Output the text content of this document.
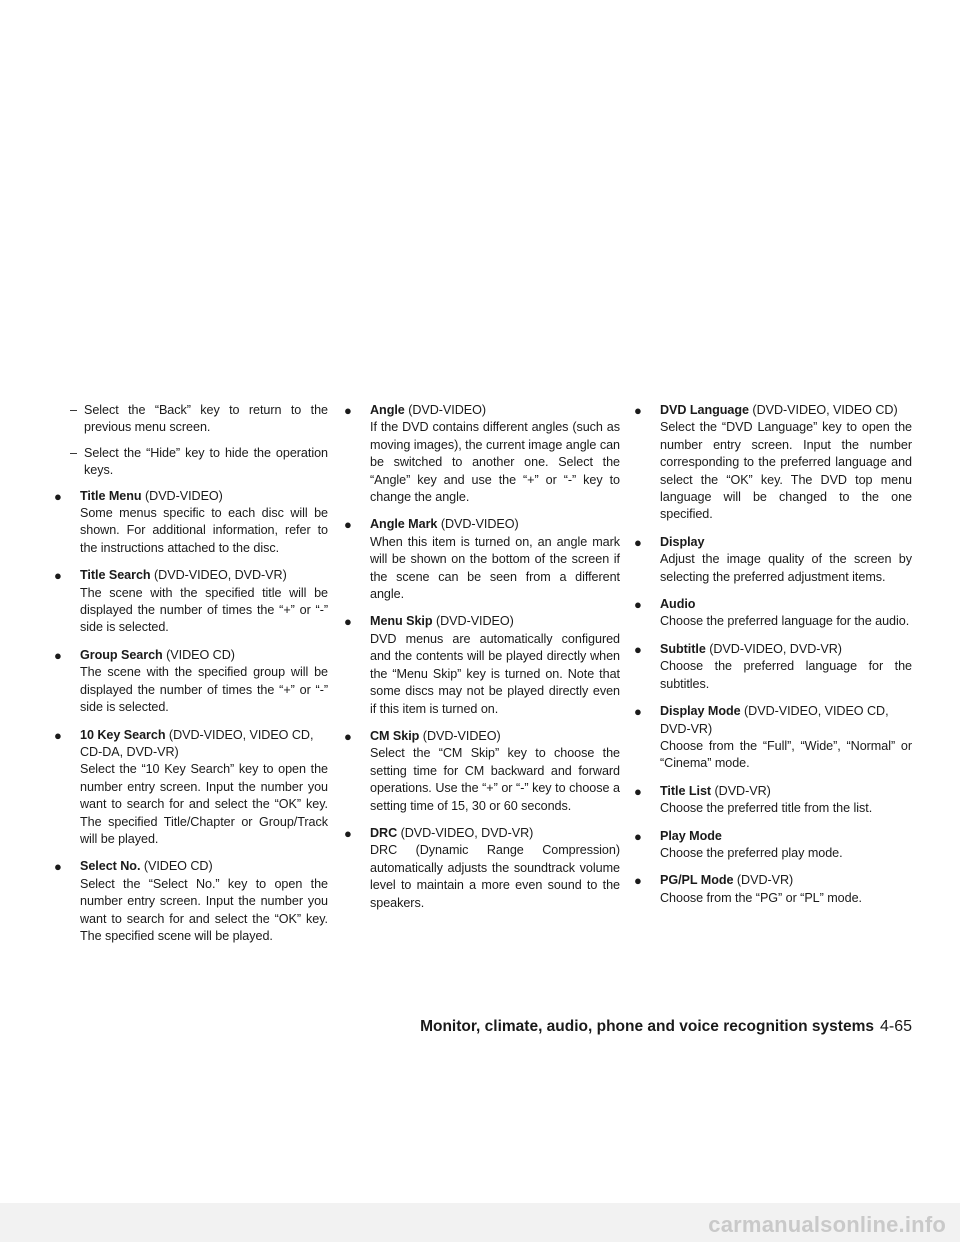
– Select the “Back” key to return to the previous menu screen.
– Select the “Hide” key to hide the operation keys.
● Title Menu (DVD-VIDEO)
Some menus specific to each disc will be shown. For additional information, refer to the instructions attached to the disc.
● Title Search (DVD-VIDEO, DVD-VR)
The scene with the specified title will be displayed the number of times the “+” or “-” side is selected.
● Group Search (VIDEO CD)
The scene with the specified group will be displayed the number of times the “+” or “-” side is selected.
● 10 Key Search (DVD-VIDEO, VIDEO CD, CD-DA, DVD-VR)
Select the “10 Key Search” key to open the number entry screen. Input the number you want to search for and select the “OK” key. The specified Title/Chapter or Group/Track will be played.
● Select No. (VIDEO CD)
Select the “Select No.” key to open the number entry screen. Input the number you want to search for and select the “OK” key. The specified scene will be played.
● Angle (DVD-VIDEO)
If the DVD contains different angles (such as moving images), the current image angle can be switched to another one. Select the “Angle” key and use the “+” or “-” key to change the angle.
● Angle Mark (DVD-VIDEO)
When this item is turned on, an angle mark will be shown on the bottom of the screen if the scene can be seen from a different angle.
● Menu Skip (DVD-VIDEO)
DVD menus are automatically configured and the contents will be played directly when the “Menu Skip” key is turned on. Note that some discs may not be played directly even if this item is turned on.
● CM Skip (DVD-VIDEO)
Select the “CM Skip” key to choose the setting time for CM backward and forward operations. Use the “+” or “-” key to choose a setting time of 15, 30 or 60 seconds.
● DRC (DVD-VIDEO, DVD-VR)
DRC (Dynamic Range Compression) automatically adjusts the soundtrack volume level to maintain a more even sound to the speakers.
● DVD Language (DVD-VIDEO, VIDEO CD)
Select the “DVD Language” key to open the number entry screen. Input the number corresponding to the preferred language and select the “OK” key. The DVD top menu language will be changed to the one specified.
● Display
Adjust the image quality of the screen by selecting the preferred adjustment items.
● Audio
Choose the preferred language for the audio.
● Subtitle (DVD-VIDEO, DVD-VR)
Choose the preferred language for the subtitles.
● Display Mode (DVD-VIDEO, VIDEO CD, DVD-VR)
Choose from the “Full”, “Wide”, “Normal” or “Cinema” mode.
● Title List (DVD-VR)
Choose the preferred title from the list.
● Play Mode
Choose the preferred play mode.
● PG/PL Mode (DVD-VR)
Choose from the “PG” or “PL” mode.
Monitor, climate, audio, phone and voice recognition systems 4-65
carmanualsonline.info
